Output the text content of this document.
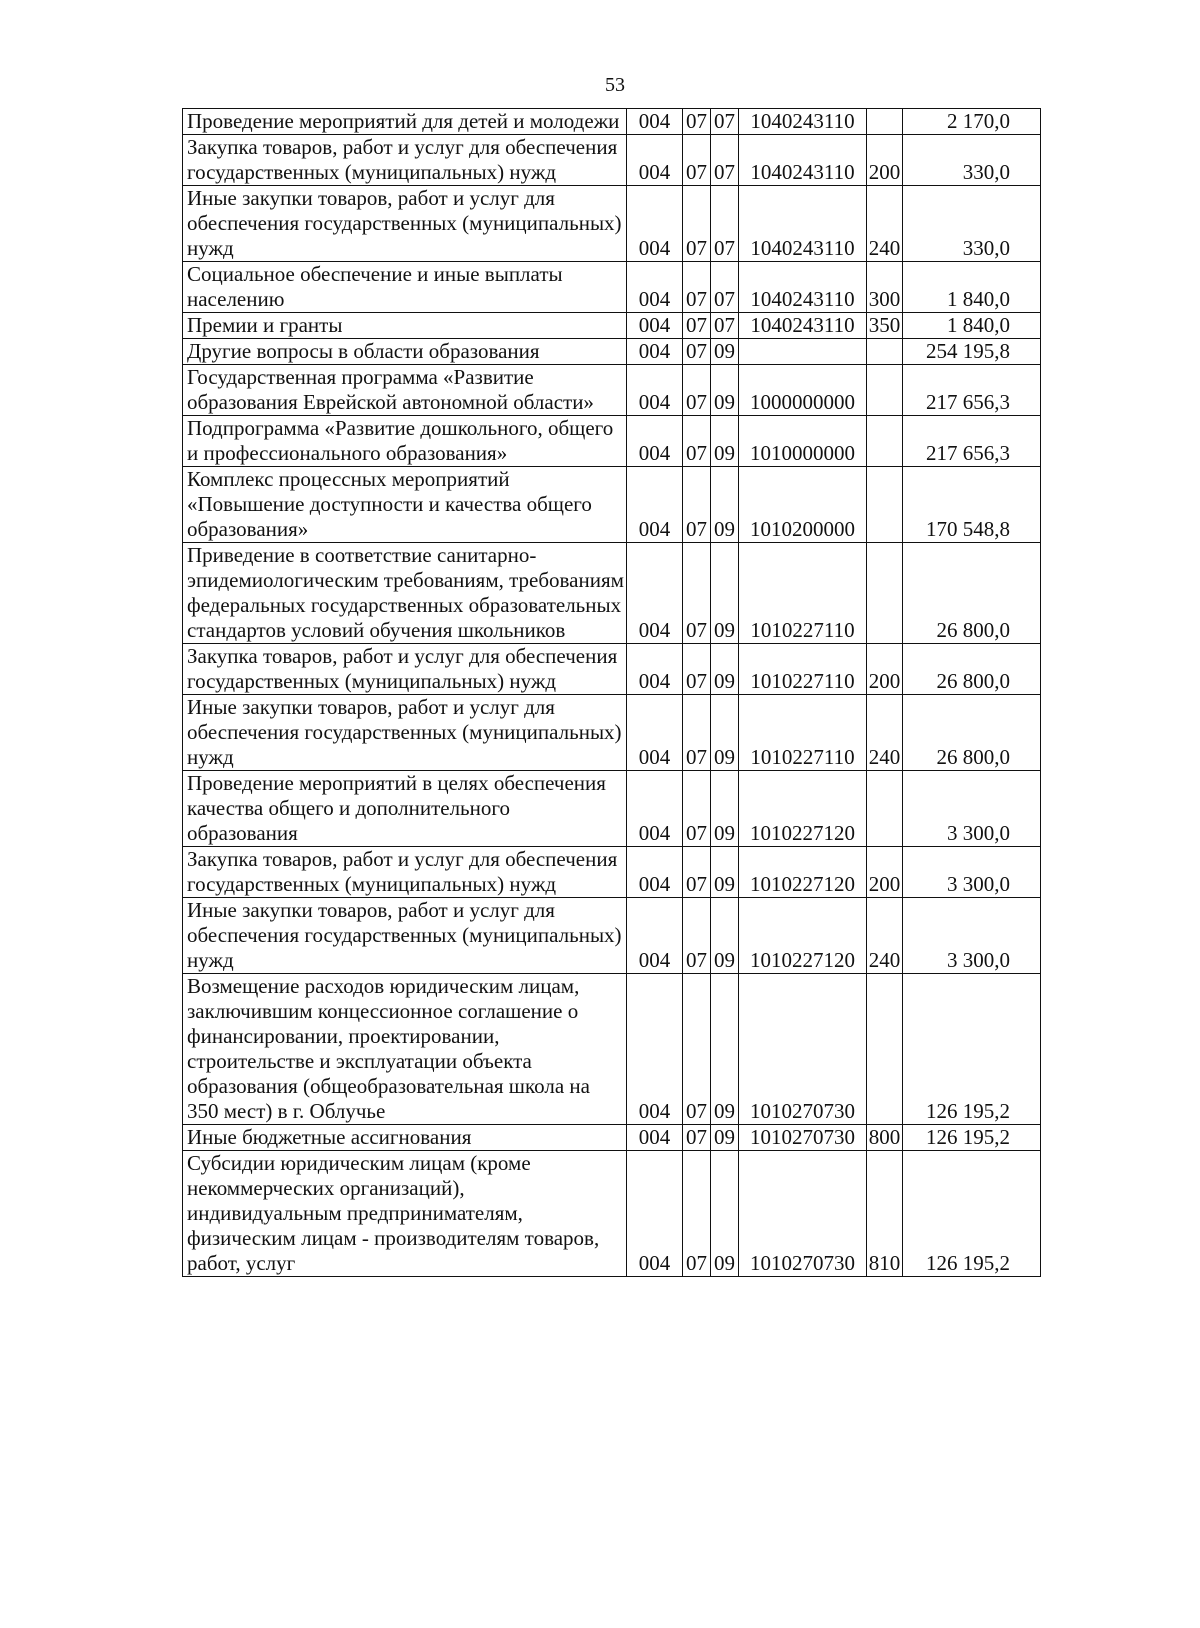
53
Проведение мероприятий для детей и молодежи	004	07	07	1040243110		2 170,0
Закупка товаров, работ и услуг для обеспечения государственных (муниципальных) нужд	004	07	07	1040243110	200	330,0
Иные закупки товаров, работ и услуг для обеспечения государственных (муниципальных) нужд	004	07	07	1040243110	240	330,0
Социальное обеспечение и иные выплаты населению	004	07	07	1040243110	300	1 840,0
Премии и гранты	004	07	07	1040243110	350	1 840,0
Другие вопросы в области образования	004	07	09			254 195,8
Государственная программа «Развитие образования Еврейской автономной области»	004	07	09	1000000000		217 656,3
Подпрограмма «Развитие дошкольного, общего и профессионального образования»	004	07	09	1010000000		217 656,3
Комплекс процессных мероприятий «Повышение доступности и качества общего образования»	004	07	09	1010200000		170 548,8
Приведение в соответствие санитарно-эпидемиологическим требованиям, требованиям федеральных государственных образовательных стандартов условий обучения школьников	004	07	09	1010227110		26 800,0
Закупка товаров, работ и услуг для обеспечения государственных (муниципальных) нужд	004	07	09	1010227110	200	26 800,0
Иные закупки товаров, работ и услуг для обеспечения государственных (муниципальных) нужд	004	07	09	1010227110	240	26 800,0
Проведение мероприятий в целях обеспечения качества общего и дополнительного образования	004	07	09	1010227120		3 300,0
Закупка товаров, работ и услуг для обеспечения государственных (муниципальных) нужд	004	07	09	1010227120	200	3 300,0
Иные закупки товаров, работ и услуг для обеспечения государственных (муниципальных) нужд	004	07	09	1010227120	240	3 300,0
Возмещение расходов юридическим лицам, заключившим концессионное соглашение о финансировании, проектировании, строительстве и эксплуатации объекта образования (общеобразовательная школа на 350 мест) в г. Облучье	004	07	09	1010270730		126 195,2
Иные бюджетные ассигнования	004	07	09	1010270730	800	126 195,2
Субсидии юридическим лицам (кроме некоммерческих организаций), индивидуальным предпринимателям, физическим лицам - производителям товаров, работ, услуг	004	07	09	1010270730	810	126 195,2
